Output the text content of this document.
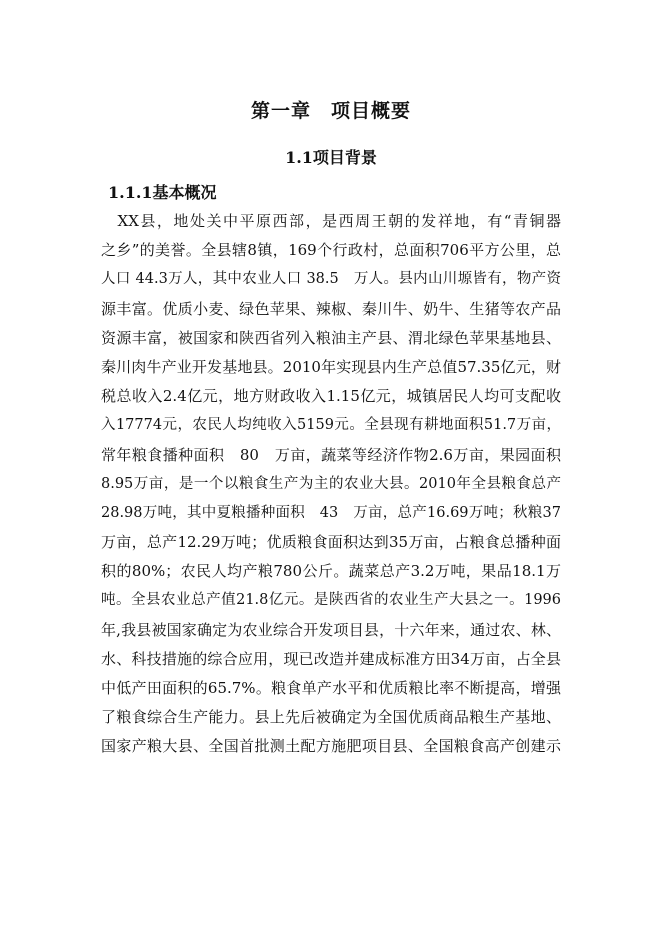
第一章　项目概要
1.1项目背景
1.1.1基本概况
　XX县，地处关中平原西部，是西周王朝的发祥地，有“青铜器
之乡”的美誉。全县辖8镇，169个行政村，总面积706平方公里，总
人口 44.3万人，其中农业人口 38.5　万人。县内山川塬皆有，物产资
源丰富。优质小麦、绿色苹果、辣椒、秦川牛、奶牛、生猪等农产品
资源丰富，被国家和陕西省列入粮油主产县、渭北绿色苹果基地县、
秦川肉牛产业开发基地县。2010年实现县内生产总值57.35亿元，财
税总收入2.4亿元，地方财政收入1.15亿元，城镇居民人均可支配收
入17774元，农民人均纯收入5159元。全县现有耕地面积51.7万亩，
常年粮食播种面积　80　万亩，蔬菜等经济作物2.6万亩，果园面积
8.95万亩，是一个以粮食生产为主的农业大县。2010年全县粮食总产
28.98万吨，其中夏粮播种面积　43　万亩，总产16.69万吨；秋粮37
万亩，总产12.29万吨；优质粮食面积达到35万亩，占粮食总播种面
积的80%；农民人均产粮780公斤。蔬菜总产3.2万吨，果品18.1万
吨。全县农业总产值21.8亿元。是陕西省的农业生产大县之一。1996
年,我县被国家确定为农业综合开发项目县，十六年来，通过农、林、
水、科技措施的综合应用，现已改造并建成标准方田34万亩，占全县
中低产田面积的65.7%。粮食单产水平和优质粮比率不断提高，增强
了粮食综合生产能力。县上先后被确定为全国优质商品粮生产基地、
国家产粮大县、全国首批测土配方施肥项目县、全国粮食高产创建示
